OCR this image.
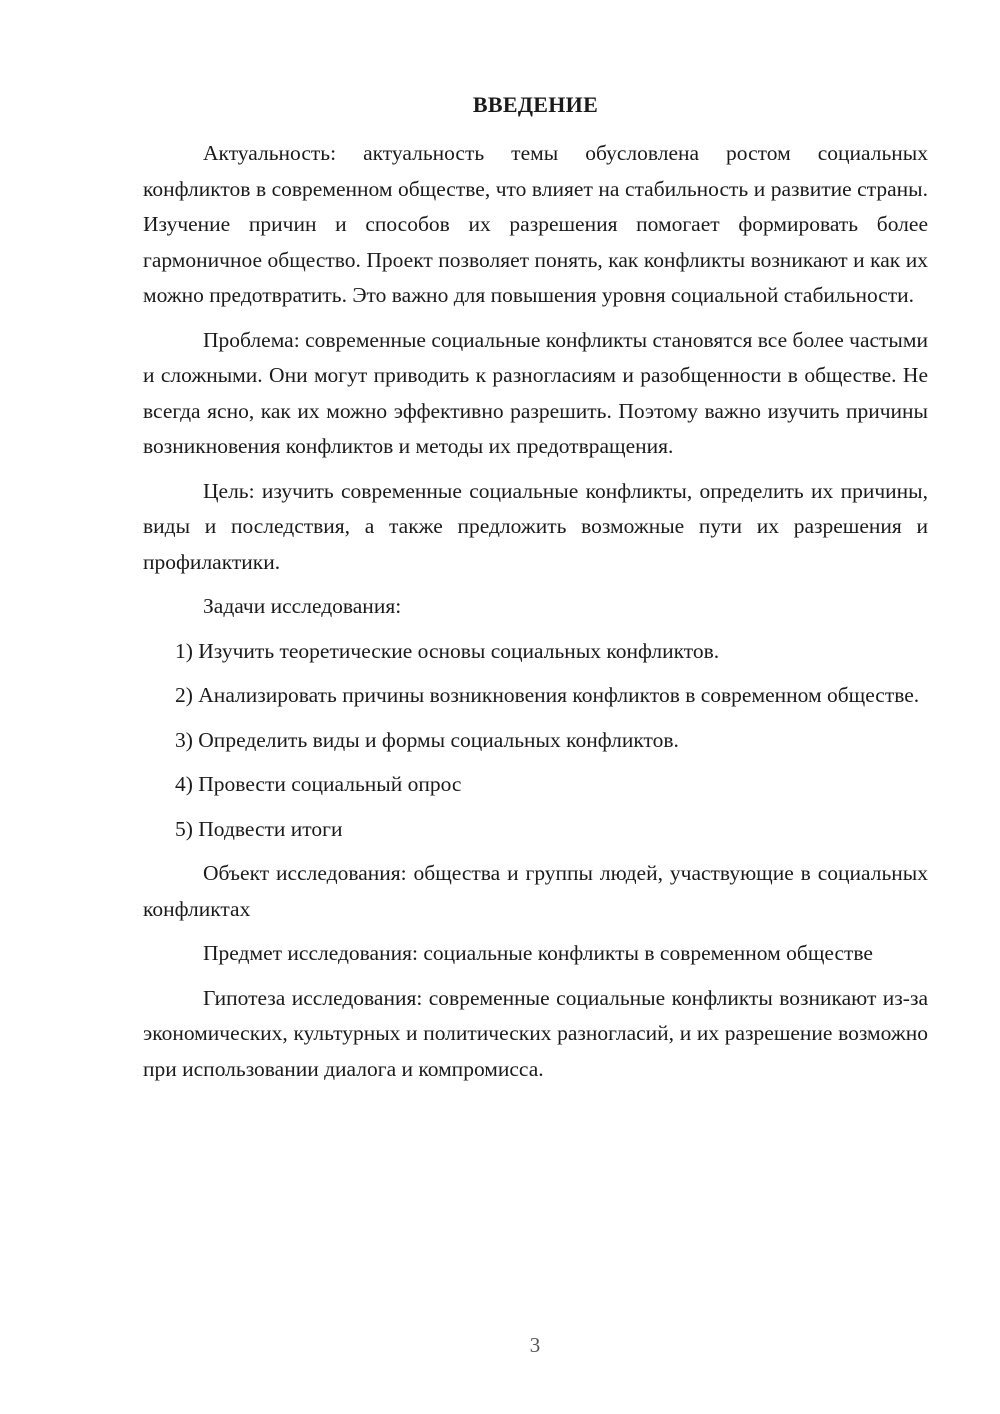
ВВЕДЕНИЕ

Актуальность: актуальность темы обусловлена ростом социальных конфликтов в современном обществе, что влияет на стабильность и развитие страны. Изучение причин и способов их разрешения помогает формировать более гармоничное общество. Проект позволяет понять, как конфликты возникают и как их можно предотвратить. Это важно для повышения уровня социальной стабильности.

Проблема: современные социальные конфликты становятся все более частыми и сложными. Они могут приводить к разногласиям и разобщенности в обществе. Не всегда ясно, как их можно эффективно разрешить. Поэтому важно изучить причины возникновения конфликтов и методы их предотвращения.

Цель: изучить современные социальные конфликты, определить их причины, виды и последствия, а также предложить возможные пути их разрешения и профилактики.

Задачи исследования:

1) Изучить теоретические основы социальных конфликтов.

2) Анализировать причины возникновения конфликтов в современном обществе.

3) Определить виды и формы социальных конфликтов.

4) Провести социальный опрос

5) Подвести итоги

Объект исследования: общества и группы людей, участвующие в социальных конфликтах

Предмет исследования: социальные конфликты в современном обществе

Гипотеза исследования: современные социальные конфликты возникают из-за экономических, культурных и политических разногласий, и их разрешение возможно при использовании диалога и компромисса.

3
